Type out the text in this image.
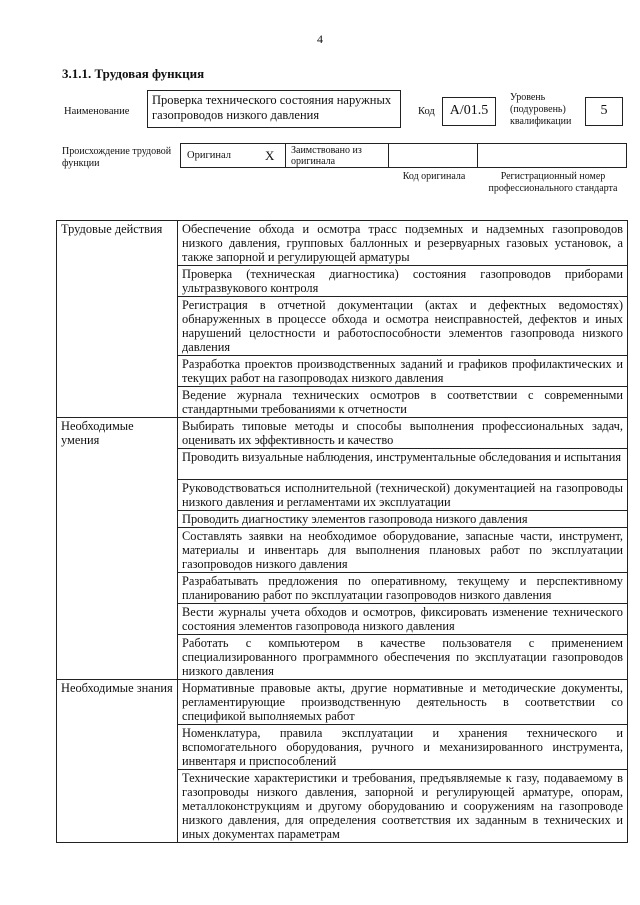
4
3.1.1. Трудовая функция
Наименование
Проверка технического состояния наружных газопроводов низкого давления	Код	А/01.5
Уровень (подуровень) квалификации
5
Происхождение трудовой функции
Оригинал	X	Заимствовано из оригинала
Код оригинала	Регистрационный номер профессионального стандарта
Трудовые действия	Обеспечение обхода и осмотра трасс подземных и надземных газопроводов низкого давления, групповых баллонных и резервуарных газовых установок, а также запорной и регулирующей арматуры
	Проверка (техническая диагностика) состояния газопроводов приборами ультразвукового контроля
	Регистрация в отчетной документации (актах и дефектных ведомостях) обнаруженных в процессе обхода и осмотра неисправностей, дефектов и иных нарушений целостности и работоспособности элементов газопровода низкого давления
	Разработка проектов производственных заданий и графиков профилактических и текущих работ на газопроводах низкого давления
	Ведение журнала технических осмотров в соответствии с современными стандартными требованиями к отчетности
Необходимые умения	Выбирать типовые методы и способы выполнения профессиональных задач, оценивать их эффективность и качество
	Проводить визуальные наблюдения, инструментальные обследования и испытания
	Руководствоваться исполнительной (технической) документацией на газопроводы низкого давления и регламентами их эксплуатации
	Проводить диагностику элементов газопровода низкого давления
	Составлять заявки на необходимое оборудование, запасные части, инструмент, материалы и инвентарь для выполнения плановых работ по эксплуатации газопроводов низкого давления
	Разрабатывать предложения по оперативному, текущему и перспективному планированию работ по эксплуатации газопроводов низкого давления
	Вести журналы учета обходов и осмотров, фиксировать изменение технического состояния элементов газопровода низкого давления
	Работать с компьютером в качестве пользователя с применением специализированного программного обеспечения по эксплуатации газопроводов низкого давления
Необходимые знания	Нормативные правовые акты, другие нормативные и методические документы, регламентирующие производственную деятельность в соответствии со спецификой выполняемых работ
	Номенклатура, правила эксплуатации и хранения технического и вспомогательного оборудования, ручного и механизированного инструмента, инвентаря и приспособлений
	Технические характеристики и требования, предъявляемые к газу, подаваемому в газопроводы низкого давления, запорной и регулирующей арматуре, опорам, металлоконструкциям и другому оборудованию и сооружениям на газопроводе низкого давления, для определения соответствия их заданным в технических и иных документах параметрам
